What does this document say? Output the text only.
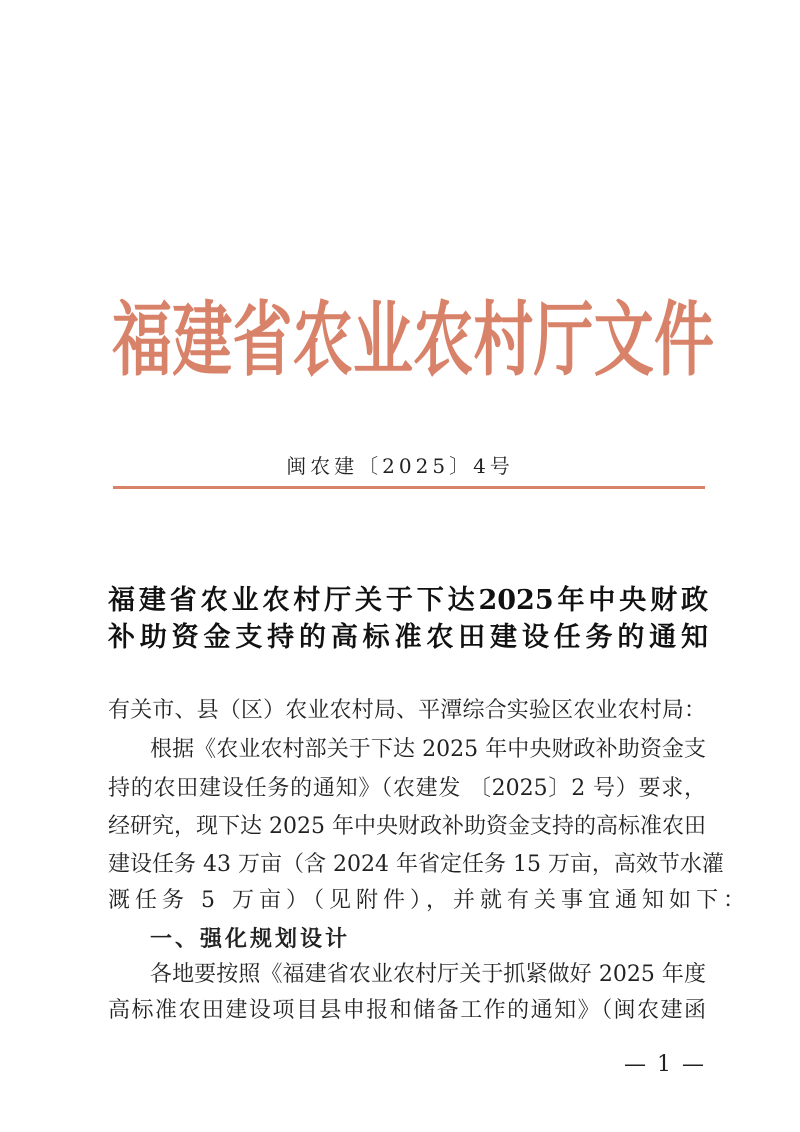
福 建 省 农 业 农 村 厅 文 件
闽农建〔2025〕4号
福建省农业农村厅关于下达2025年中央财政
补助资金支持的高标准农田建设任务的通知
有关市、县（区）农业农村局、平潭综合实验区农业农村局：
根据《农业农村部关于下达 2025 年中央财政补助资金支
持的农田建设任务的通知》（农建发 〔2025〕2 号）要求，
经研究，现下达 2025 年中央财政补助资金支持的高标准农田
建设任务 43 万亩（含 2024 年省定任务 15 万亩，高效节水灌
溉任务 5 万亩）（见附件），并就有关事宜通知如下：
一、强化规划设计
各地要按照《福建省农业农村厅关于抓紧做好 2025 年度
高标准农田建设项目县申报和储备工作的通知》（闽农建函
— 1 —
